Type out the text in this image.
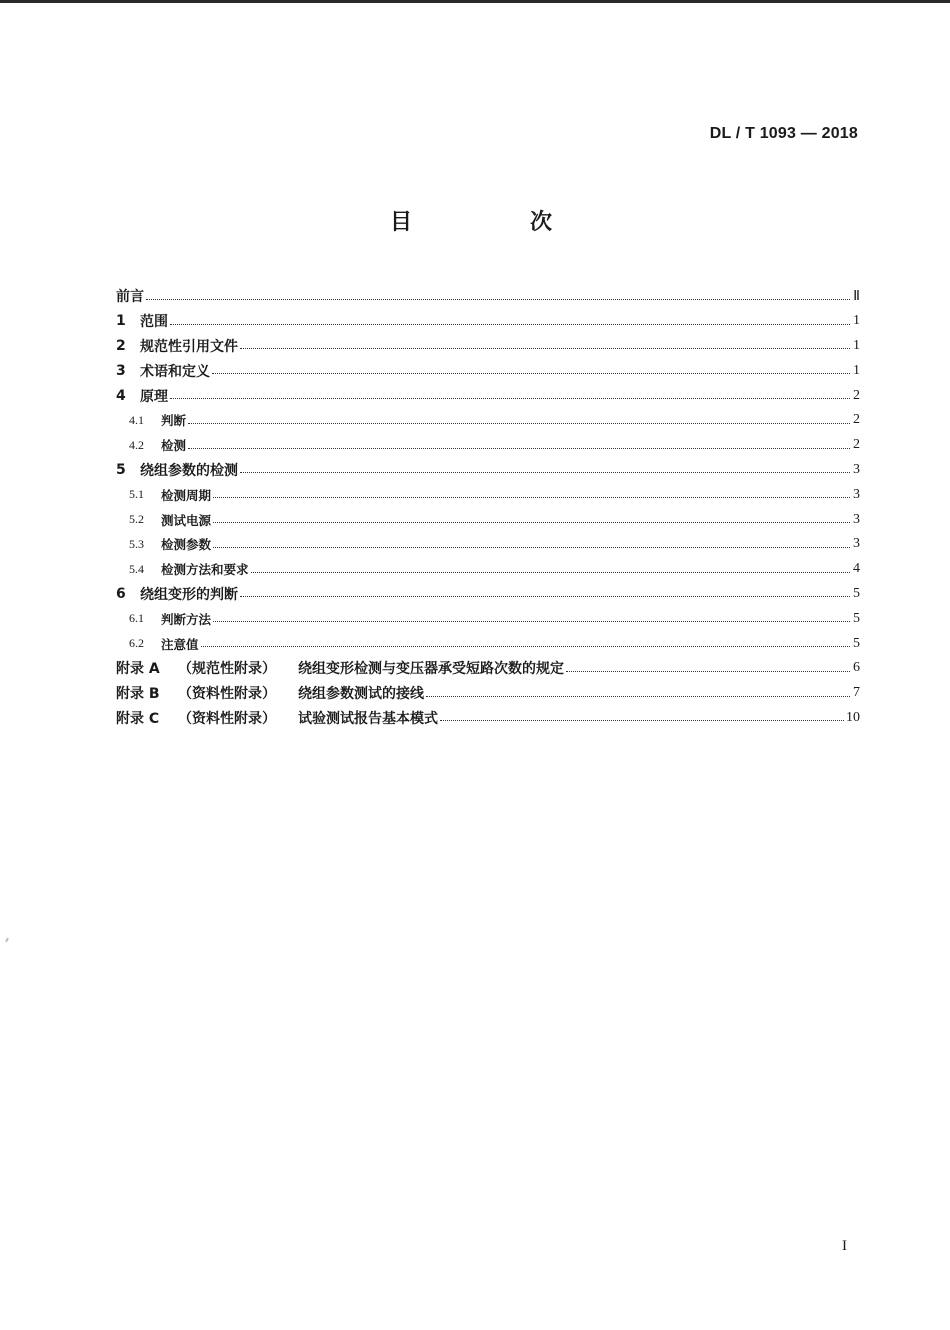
DL / T 1093 — 2018
目　次
前言	Ⅱ
1	范围	1
2	规范性引用文件	1
3	术语和定义	1
4	原理	2
4.1	判断	2
4.2	检测	2
5	绕组参数的检测	3
5.1	检测周期	3
5.2	测试电源	3
5.3	检测参数	3
5.4	检测方法和要求	4
6	绕组变形的判断	5
6.1	判断方法	5
6.2	注意值	5
附录 A	（规范性附录）	绕组变形检测与变压器承受短路次数的规定	6
附录 B	（资料性附录）	绕组参数测试的接线	7
附录 C	（资料性附录）	试验测试报告基本模式	10
I
